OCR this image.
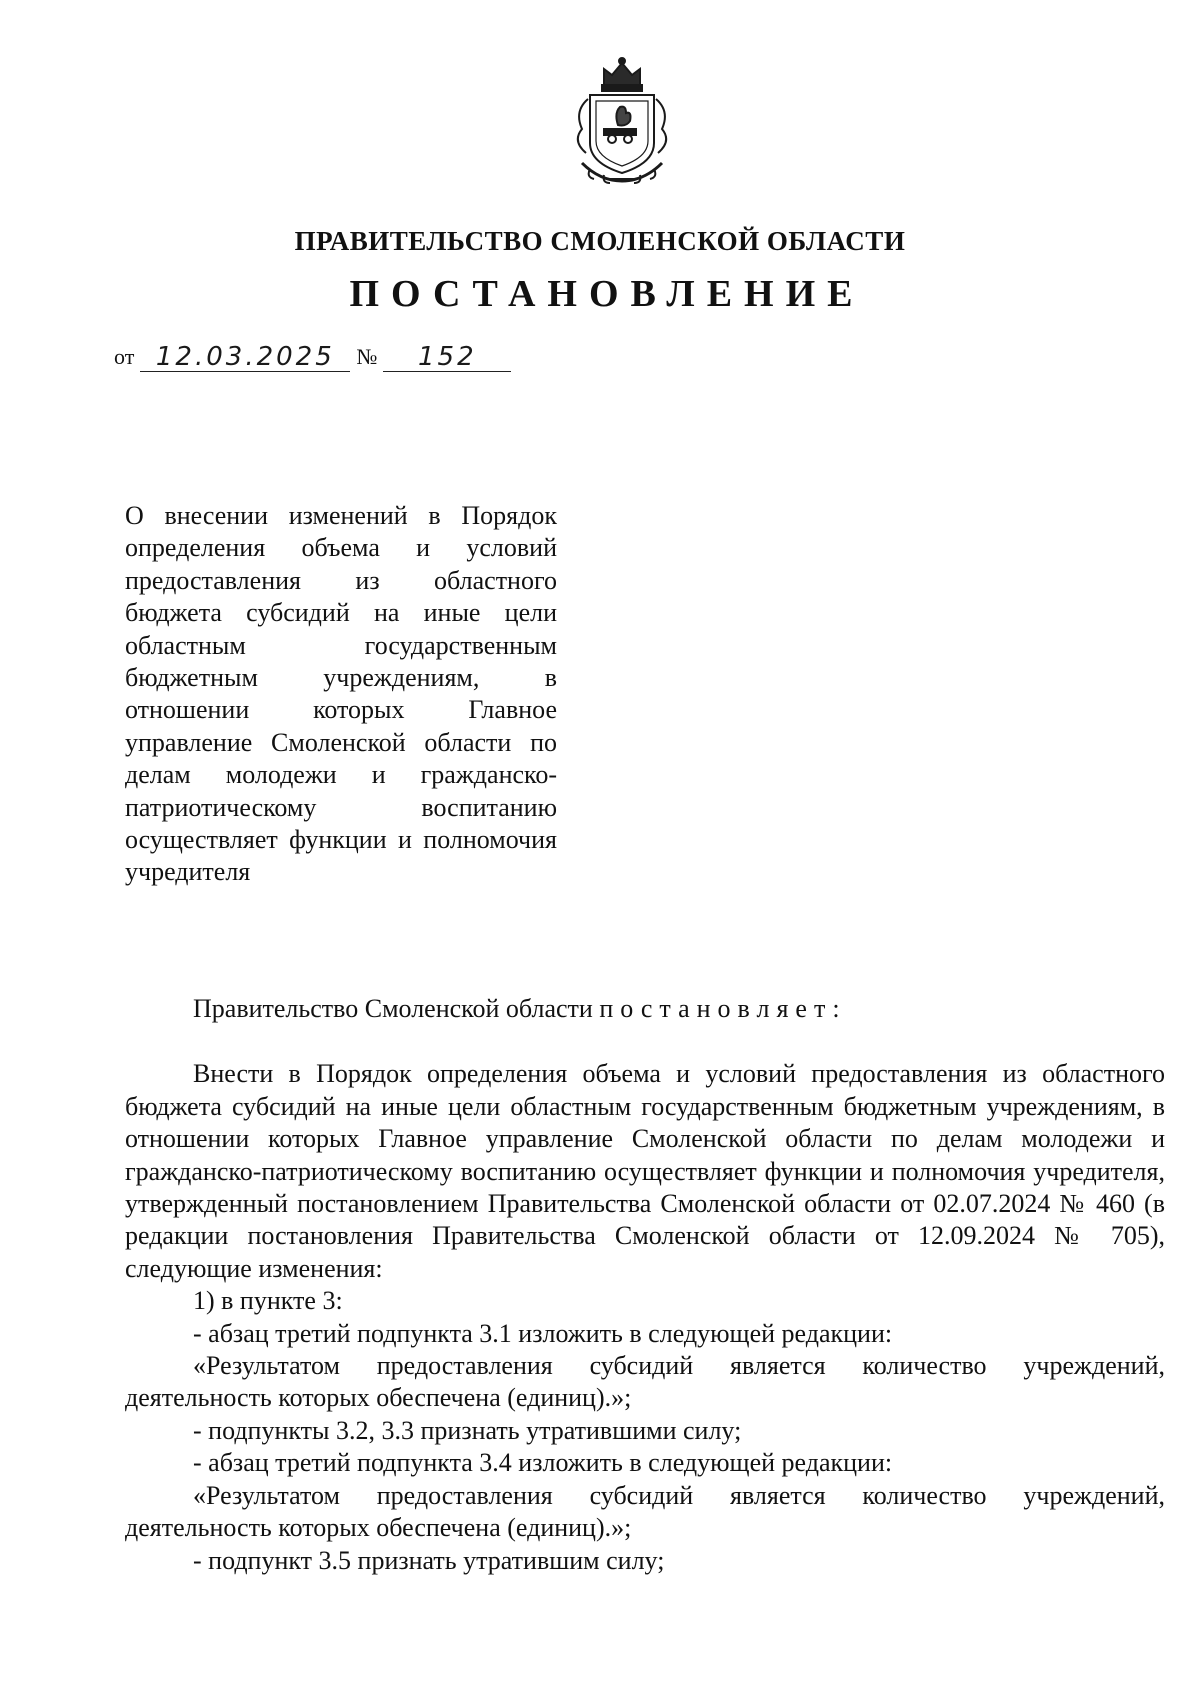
ПРАВИТЕЛЬСТВО СМОЛЕНСКОЙ ОБЛАСТИ
ПОСТАНОВЛЕНИЕ
от 12.03.2025 №	152
О внесении изменений в Порядок определения объема и условий предоставления из областного бюджета субсидий на иные цели областным государственным бюджетным учреждениям, в отношении которых Главное управление Смоленской области по делам молодежи и гражданско-патриотическому воспитанию осуществляет функции и полномочия учредителя

Правительство Смоленской области постановляет:

Внести в Порядок определения объема и условий предоставления из областного бюджета субсидий на иные цели областным государственным бюджетным учреждениям, в отношении которых Главное управление Смоленской области по делам молодежи и гражданско-патриотическому воспитанию осуществляет функции и полномочия учредителя, утвержденный постановлением Правительства Смоленской области от 02.07.2024 № 460 (в редакции постановления Правительства Смоленской области от 12.09.2024 № 705), следующие изменения:

1) в пункте 3:

- абзац третий подпункта 3.1 изложить в следующей редакции:

«Результатом предоставления субсидий является количество учреждений, деятельность которых обеспечена (единиц).»;

- подпункты 3.2, 3.3 признать утратившими силу;

- абзац третий подпункта 3.4 изложить в следующей редакции:

«Результатом предоставления субсидий является количество учреждений, деятельность которых обеспечена (единиц).»;

- подпункт 3.5 признать утратившим силу;
